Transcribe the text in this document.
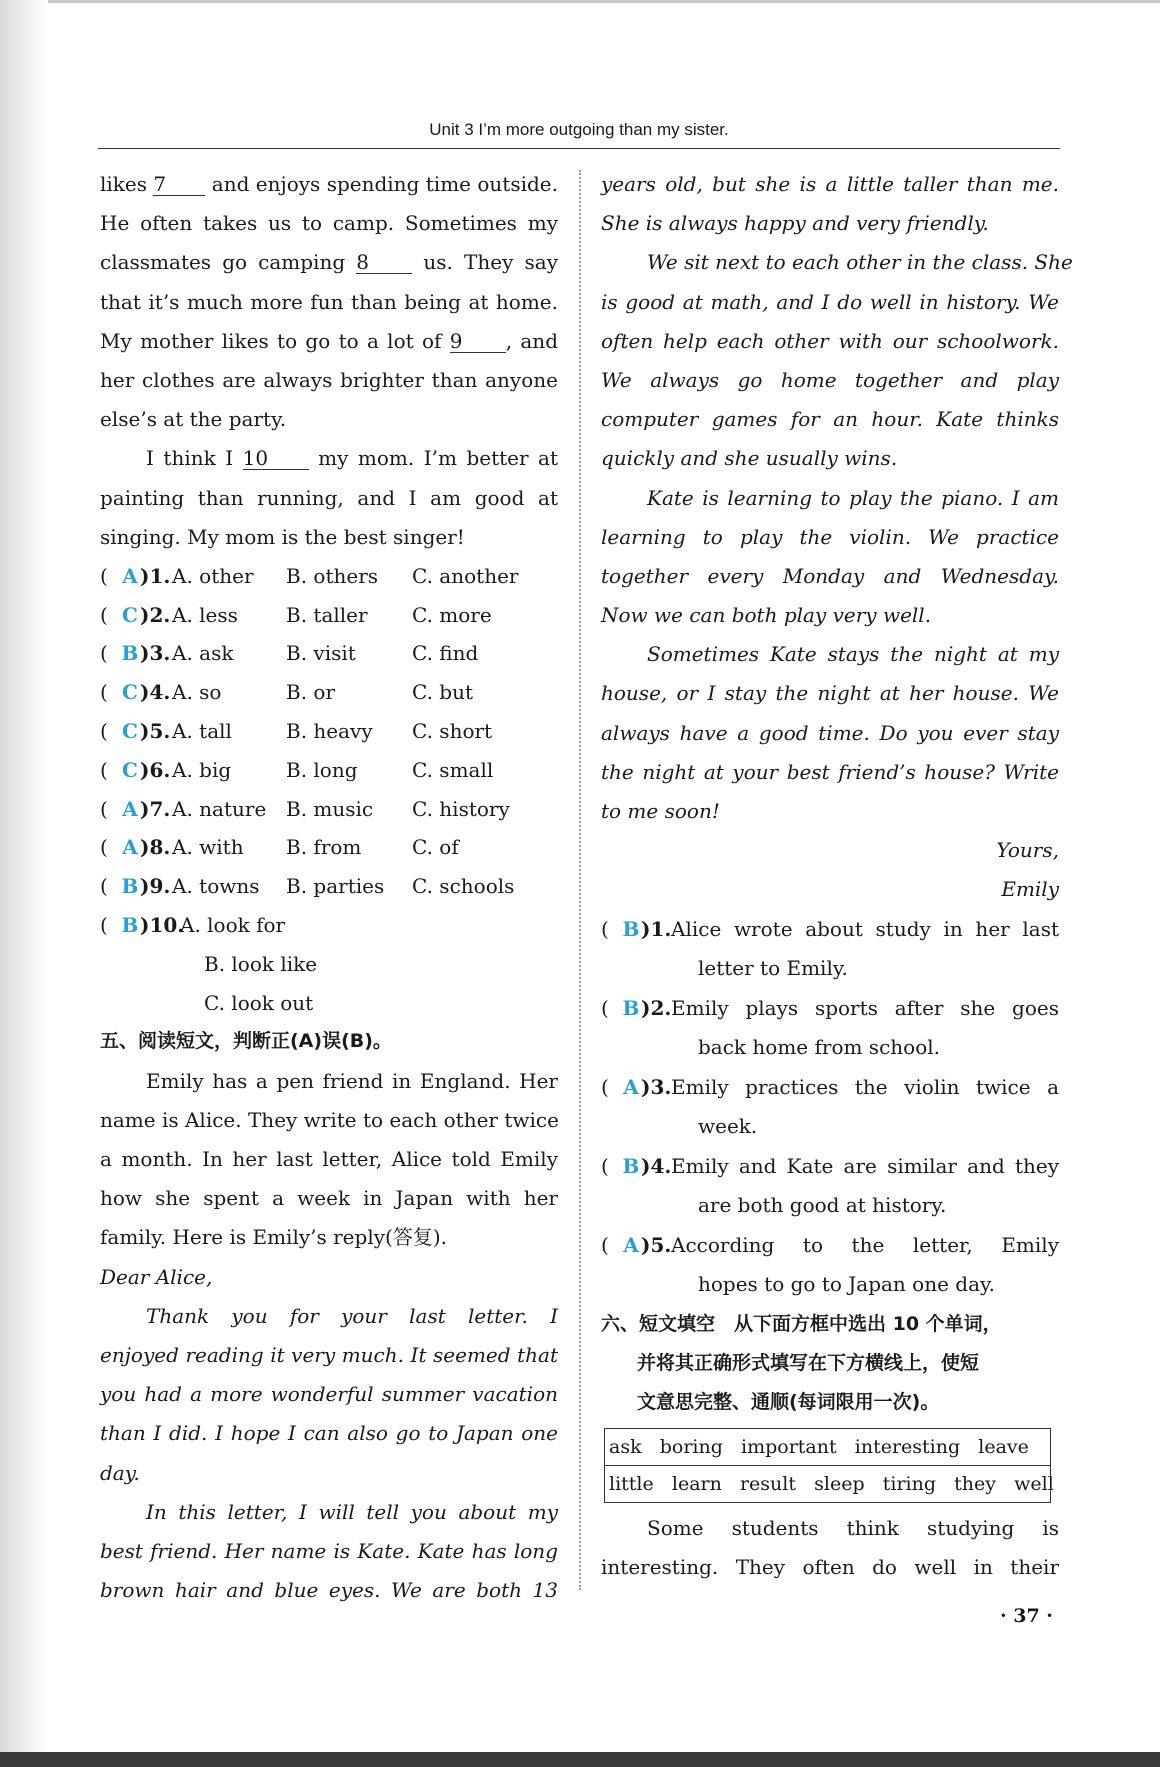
Unit 3 I’m more outgoing than my sister.
likes 7 and enjoys spending time outside.
He often takes us to camp. Sometimes my
classmates go camping 8 us. They say
that it’s much more fun than being at home.
My mother likes to go to a lot of 9 , and
her clothes are always brighter than anyone
else’s at the party.
I think I 10 my mom. I’m better at
painting than running, and I am good at
singing. My mom is the best singer!
( A )1. A. other	B. others	C. another
( C )2. A. less	B. taller	C. more
( B )3. A. ask	B. visit	C. find
( C )4. A. so	B. or	C. but
( C )5. A. tall	B. heavy	C. short
( C )6. A. big	B. long	C. small
( A )7. A. nature B. music	C. history
( A )8. A. with	B. from	C. of
( B )9. A. towns	B. parties	C. schools
( B )10.
A. look for
B. look like
C. look out
五、阅读短文，判断正(A)误(B)。
Emily has a pen friend in England. Her
name is Alice. They write to each other twice
a month. In her last letter, Alice told Emily
how she spent a week in Japan with her
family. Here is Emily’s reply(答复).
Dear Alice,
Thank you for your last letter. I
enjoyed reading it very much. It seemed that
you had a more wonderful summer vacation
than I did. I hope I can also go to Japan one
day.
In this letter, I will tell you about my
best friend. Her name is Kate. Kate has long
brown hair and blue eyes. We are both 13
years old, but she is a little taller than me.
She is always happy and very friendly.
We sit next to each other in the class. She
is good at math, and I do well in history. We
often help each other with our schoolwork.
We always go home together and play
computer games for an hour. Kate thinks
quickly and she usually wins.
Kate is learning to play the piano. I am
learning to play the violin. We practice
together every Monday and Wednesday.
Now we can both play very well.
Sometimes Kate stays the night at my
house, or I stay the night at her house. We
always have a good time. Do you ever stay
the night at your best friend’s house? Write
to me soon!
Yours,
Emily
( B )1. Alice wrote about study in her last
letter to Emily.
( B )2. Emily plays sports after she goes
back home from school.
( A )3. Emily practices the violin twice a
week.
( B )4. Emily and Kate are similar and they
are both good at history.
( A )5. According to the letter, Emily
hopes to go to Japan one day.
六、短文填空　从下面方框中选出 10 个单词，
并将其正确形式填写在下方横线上，使短
文意思完整、通顺(每词限用一次)。
ask boring important interesting leave
little learn result sleep tiring they well
Some students think studying is
interesting. They often do well in their
· 37 ·
